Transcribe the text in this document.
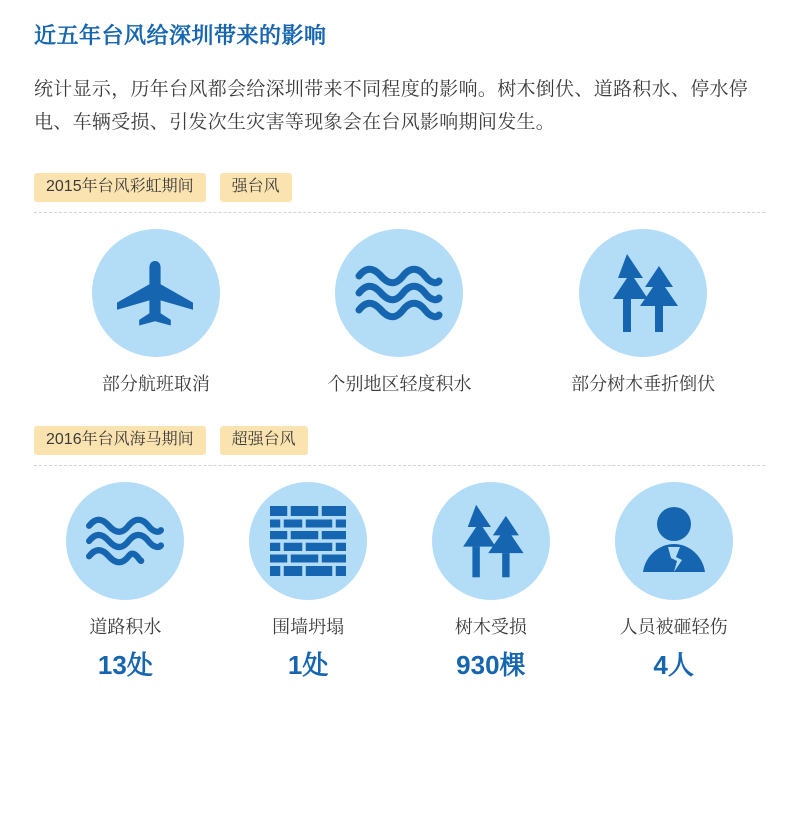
近五年台风给深圳带来的影响

统计显示，历年台风都会给深圳带来不同程度的影响。树木倒伏、道路积水、停水停电、车辆受损、引发次生灾害等现象会在台风影响期间发生。

2015年台风彩虹期间	强台风
部分航班取消	个别地区轻度积水	部分树木垂折倒伏
2016年台风海马期间	超强台风
道路积水
13处
围墙坍塌
1处
树木受损
930棵
人员被砸轻伤
4人
